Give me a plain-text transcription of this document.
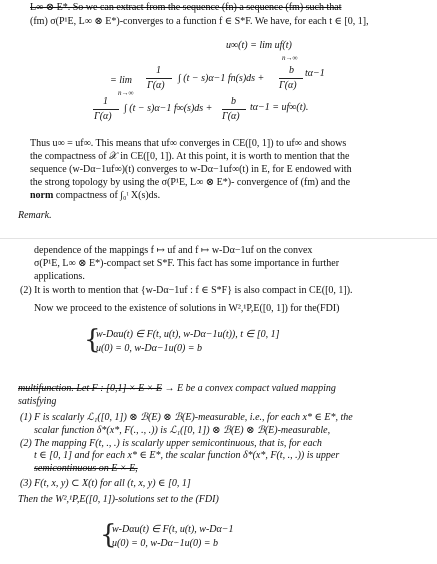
L∞ ⊗ E*. So we can extract from the sequence (fn) a sequence (fm) such that
(fm) σ(P¹E, L∞ ⊗ E*)-converges to a function f ∈ S*F. We have, for each t ∈ [0, 1],
u∞(t) = lim uf(t)
n→∞
= lim
n→∞
1
Γ(α)
∫ (t − s)α−1 fn(s)ds +
b
Γ(α)
tα−1
1
Γ(α)
∫ (t − s)α−1 f∞(s)ds +
b
Γ(α)
tα−1 = uf∞(t).
Thus u∞ = uf∞. This means that uf∞ converges in CE([0, 1]) to uf∞ and shows
the compactness of 𝒳 in CE([0, 1]). At this point, it is worth to mention that the
sequence (w-Dα−1uf∞)(t) converges to w-Dα−1uf∞(t) in E, for E endowed with
the strong topology by using the σ(P¹E, L∞ ⊗ E*)- convergence of (fm) and the
norm compactness of ∫₀ᵗ X(s)ds.
Remark.
dependence of the mappings f ↦ uf and f ↦ w-Dα−1uf on the convex
σ(P¹E, L∞ ⊗ E*)-compact set S*F. This fact has some importance in further
applications.
(2) It is worth to mention that {w-Dα−1uf : f ∈ S*F} is also compact in CE([0, 1]).
Now we proceed to the existence of solutions in W²,¹P,E([0, 1]) for the(FDI)
{
w-Dαu(t) ∈ F(t, u(t), w-Dα−1u(t)), t ∈ [0, 1]
u(0) = 0, w-Dα−1u(0) = b
multifunction. Let F : [0,1] × E × E → E be a convex compact valued mapping
satisfying
(1) F is scalarly ℒ₁([0, 1]) ⊗ ℬ(E) ⊗ ℬ(E)-measurable, i.e., for each x* ∈ E*, the
scalar function δ*(x*, F(., ., .)) is ℒ₁([0, 1]) ⊗ ℬ(E) ⊗ ℬ(E)-measurable,
(2) The mapping F(t, ., .) is scalarly upper semicontinuous, that is, for each
t ∈ [0, 1] and for each x* ∈ E*, the scalar function δ*(x*, F(t, ., .)) is upper
semicontinuous on E × E,
(3) F(t, x, y) ⊂ X(t) for all (t, x, y) ∈ [0, 1]
Then the W²,¹P,E([0, 1])-solutions set to the (FDI)
{
w-Dαu(t) ∈ F(t, u(t), w-Dα−1
u(0) = 0, w-Dα−1u(0) = b
